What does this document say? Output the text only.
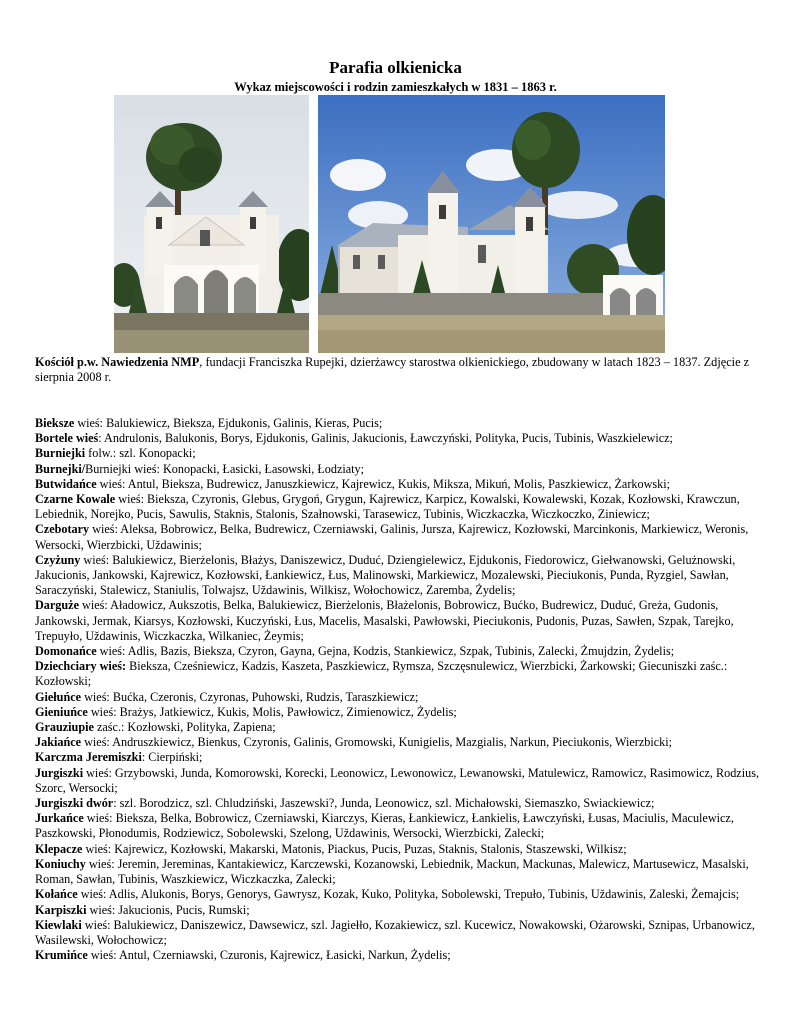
Parafia olkienicka
Wykaz miejscowości i rodzin zamieszkałych w 1831 – 1863 r.
Kościół p.w. Nawiedzenia NMP, fundacji Franciszka Rupejki, dzierżawcy starostwa olkienickiego, zbudowany w latach 1823 – 1837. Zdjęcie z sierpnia 2008 r.

Bieksze wieś: Balukiewicz, Bieksza, Ejdukonis, Galinis, Kieras, Pucis;

Bortele wieś: Andrulonis, Balukonis, Borys, Ejdukonis, Galinis, Jakucionis, Ławczyński, Polityka, Pucis, Tubinis, Waszkielewicz;

Burniejki folw.: szl. Konopacki;

Burnejki/Burniejki wieś: Konopacki, Łasicki, Łasowski, Łodziaty;

Butwidańce wieś: Antul, Bieksza, Budrewicz, Januszkiewicz, Kajrewicz, Kukis, Miksza, Mikuń, Molis, Paszkiewicz, Żarkowski;

Czarne Kowale wieś: Bieksza, Czyronis, Glebus, Grygoń, Grygun, Kajrewicz, Karpicz, Kowalski, Kowalewski, Kozak, Kozłowski, Krawczun, Lebiednik, Norejko, Pucis, Sawulis, Staknis, Stalonis, Szałnowski, Tarasewicz, Tubinis, Wiczkaczka, Wiczkoczko, Ziniewicz;

Czebotary wieś: Aleksa, Bobrowicz, Belka, Budrewicz, Czerniawski, Galinis, Jursza, Kajrewicz, Kozłowski, Marcinkonis, Markiewicz, Weronis, Wersocki, Wierzbicki, Uždawinis;

Czyżuny wieś: Balukiewicz, Bierżelonis, Błażys, Daniszewicz, Duduć, Dziengielewicz, Ejdukonis, Fiedorowicz, Giełwanowski, Gelużnowski, Jakucionis, Jankowski, Kajrewicz, Kozłowski, Łankiewicz, Łus, Malinowski, Markiewicz, Mozalewski, Pieciukonis, Punda, Ryzgiel, Sawłan, Saraczyński, Stalewicz, Staniulis, Tolwajsz, Uždawinis, Wilkisz, Wołochowicz, Zaremba, Żydelis;

Darguże wieś: Aładowicz, Aukszotis, Belka, Balukiewicz, Bierżelonis, Błażelonis, Bobrowicz, Bućko, Budrewicz, Duduć, Greża, Gudonis, Jankowski, Jermak, Kiarsys, Kozłowski, Kuczyński, Łus, Macelis, Masalski, Pawłowski, Pieciukonis, Pudonis, Puzas, Sawłen, Szpak, Tarejko, Trepuyło, Uždawinis, Wiczkaczka, Wilkaniec, Żeymis;

Domonańce wieś: Adlis, Bazis, Bieksza, Czyron, Gayna, Gejna, Kodzis, Stankiewicz, Szpak, Tubinis, Zalecki, Żmujdzin, Żydelis;

Dziechciary wieś: Bieksza, Cześniewicz, Kadzis, Kaszeta, Paszkiewicz, Rymsza, Szczęsnulewicz, Wierzbicki, Żarkowski; Giecuniszki zaśc.: Kozłowski;

Giełuńce wieś: Bućka, Czeronis, Czyronas, Puhowski, Rudzis, Taraszkiewicz;

Gieniuńce wieś: Brażys, Jatkiewicz, Kukis, Molis, Pawłowicz, Zimienowicz, Żydelis;

Grauziupie zaśc.: Kozłowski, Polityka, Zapiena;

Jakiańce wieś: Andruszkiewicz, Bienkus, Czyronis, Galinis, Gromowski, Kunigielis, Mazgialis, Narkun, Pieciukonis, Wierzbicki;

Karczma Jeremiszki: Cierpiński;

Jurgiszki wieś: Grzybowski, Junda, Komorowski, Korecki, Leonowicz, Lewonowicz, Lewanowski, Matulewicz, Ramowicz, Rasimowicz, Rodzius, Szorc, Wersocki;

Jurgiszki dwór: szl. Borodzicz, szl. Chludziński, Jaszewski?, Junda, Leonowicz, szl. Michałowski, Siemaszko, Swiackiewicz;

Jurkańce wieś: Bieksza, Belka, Bobrowicz, Czerniawski, Kiarczys, Kieras, Łankiewicz, Łankielis, Ławczyński, Łusas, Maciulis, Maculewicz, Paszkowski, Płonodumis, Rodziewicz, Sobolewski, Szelong, Uždawinis, Wersocki, Wierzbicki, Zalecki;

Klepacze wieś: Kajrewicz, Kozłowski, Makarski, Matonis, Piackus, Pucis, Puzas, Staknis, Stalonis, Staszewski, Wilkisz;

Koniuchy wieś: Jeremin, Jereminas, Kantakiewicz, Karczewski, Kozanowski, Lebiednik, Mackun, Mackunas, Malewicz, Martusewicz, Masalski, Roman, Sawłan, Tubinis, Waszkiewicz, Wiczkaczka, Zalecki;

Kołańce wieś: Adlis, Alukonis, Borys, Genorys, Gawrysz, Kozak, Kuko, Polityka, Sobolewski, Trepuło, Tubinis, Uždawinis, Zaleski, Żemajcis;

Karpiszki wieś: Jakucionis, Pucis, Rumski;

Kiewlaki wieś: Balukiewicz, Daniszewicz, Dawsewicz, szl. Jagiełło, Kozakiewicz, szl. Kucewicz, Nowakowski, Ożarowski, Sznipas, Urbanowicz, Wasilewski, Wołochowicz;

Krumińce wieś: Antul, Czerniawski, Czuronis, Kajrewicz, Łasicki, Narkun, Żydelis;
